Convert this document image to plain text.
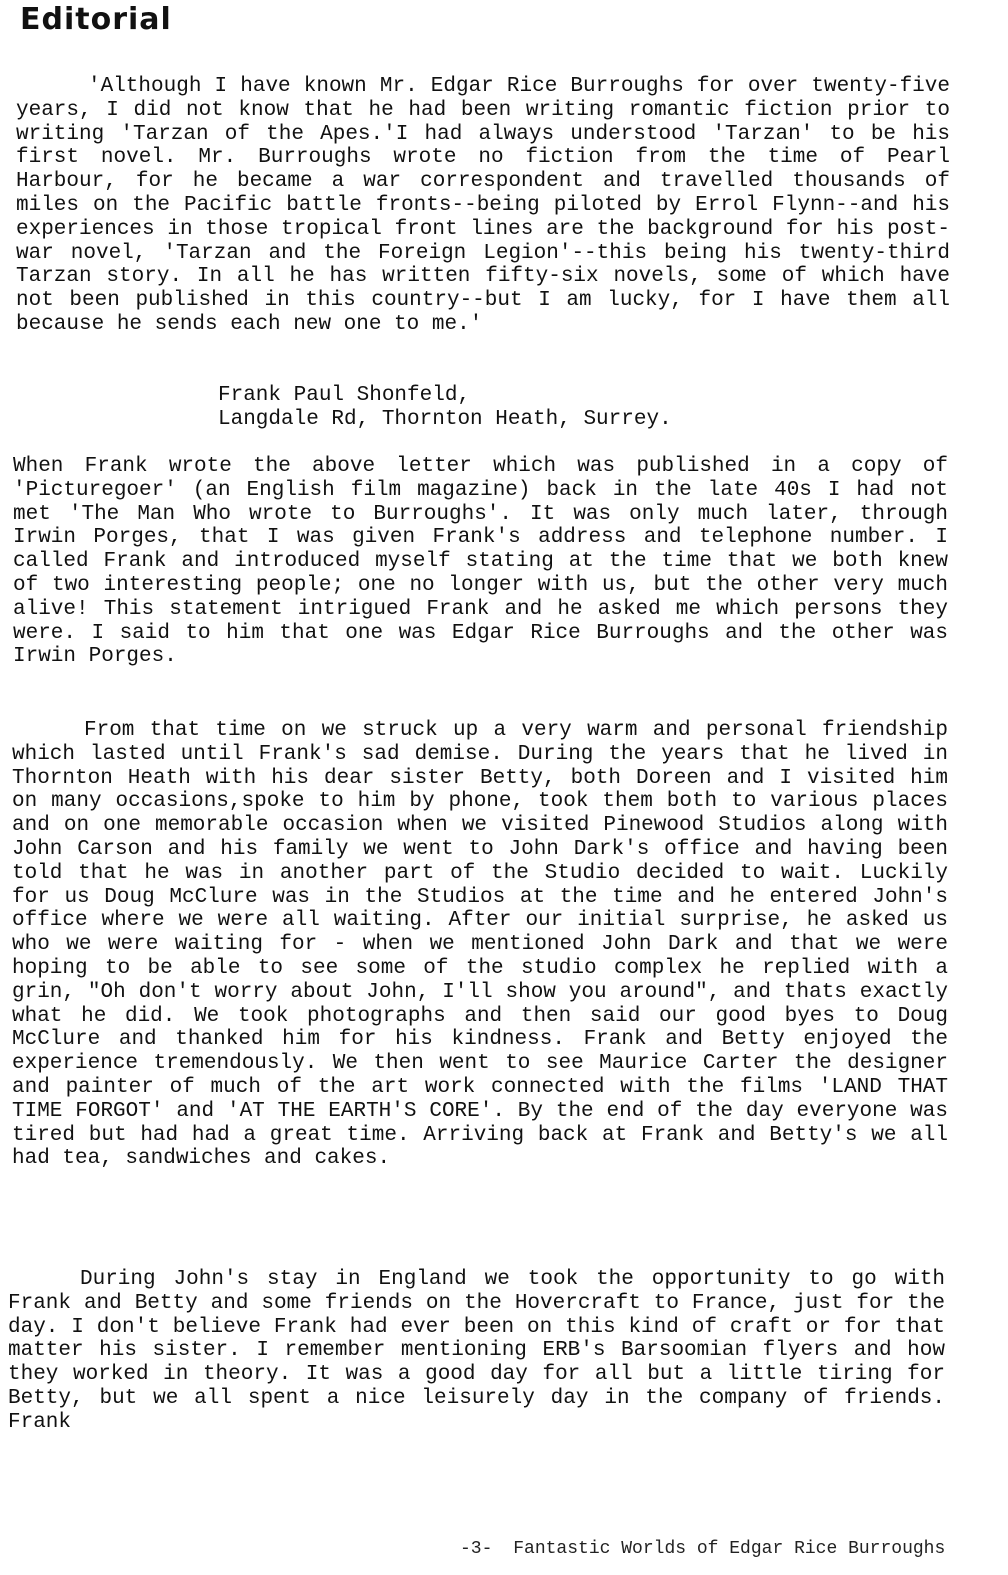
Editorial

'Although I have known Mr. Edgar Rice Burroughs for over twenty-five years, I did not know that he had been writing romantic fiction prior to writing 'Tarzan of the Apes.'I had always understood 'Tarzan' to be his first novel. Mr. Burroughs wrote no fiction from the time of Pearl Harbour, for he became a war correspondent and travelled thousands of miles on the Pacific battle fronts--being piloted by Errol Flynn--and his experiences in those tropical front lines are the background for his post-war novel, 'Tarzan and the Foreign Legion'--this being his twenty-third Tarzan story. In all he has written fifty-six novels, some of which have not been published in this country--but I am lucky, for I have them all because he sends each new one to me.'

Frank Paul Shonfeld,
Langdale Rd, Thornton Heath, Surrey.

When Frank wrote the above letter which was published in a copy of 'Picturegoer' (an English film magazine) back in the late 40s I had not met 'The Man Who wrote to Burroughs'. It was only much later, through Irwin Porges, that I was given Frank's address and telephone number. I called Frank and introduced myself stating at the time that we both knew of two interesting people; one no longer with us, but the other very much alive! This statement intrigued Frank and he asked me which persons they were. I said to him that one was Edgar Rice Burroughs and the other was Irwin Porges.

From that time on we struck up a very warm and personal friendship which lasted until Frank's sad demise. During the years that he lived in Thornton Heath with his dear sister Betty, both Doreen and I visited him on many occasions,spoke to him by phone, took them both to various places and on one memorable occasion when we visited Pinewood Studios along with John Carson and his family we went to John Dark's office and having been told that he was in another part of the Studio decided to wait. Luckily for us Doug McClure was in the Studios at the time and he entered John's office where we were all waiting. After our initial surprise, he asked us who we were waiting for - when we mentioned John Dark and that we were hoping to be able to see some of the studio complex he replied with a grin, "Oh don't worry about John, I'll show you around", and thats exactly what he did. We took photographs and then said our good byes to Doug McClure and thanked him for his kindness. Frank and Betty enjoyed the experience tremendously. We then went to see Maurice Carter the designer and painter of much of the art work connected with the films 'LAND THAT TIME FORGOT' and 'AT THE EARTH'S CORE'. By the end of the day everyone was tired but had had a great time. Arriving back at Frank and Betty's we all had tea, sandwiches and cakes.

During John's stay in England we took the opportunity to go with Frank and Betty and some friends on the Hovercraft to France, just for the day. I don't believe Frank had ever been on this kind of craft or for that matter his sister. I remember mentioning ERB's Barsoomian flyers and how they worked in theory. It was a good day for all but a little tiring for Betty, but we all spent a nice leisurely day in the company of friends. Frank

-3- Fantastic Worlds of Edgar Rice Burroughs
